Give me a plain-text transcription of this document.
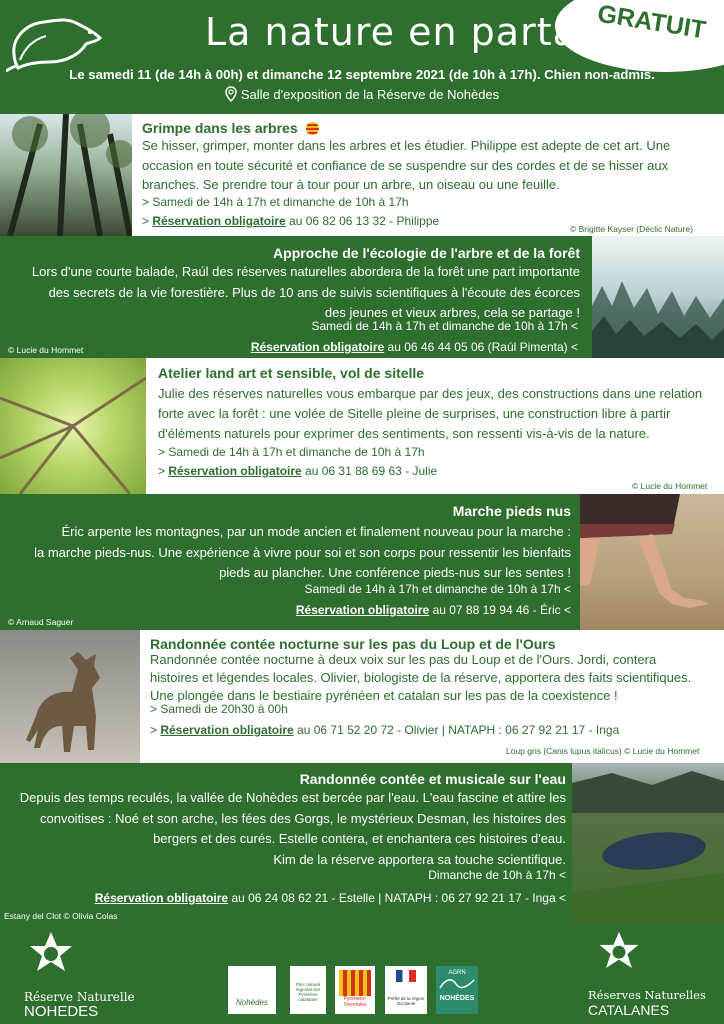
GRATUIT
La nature en partage
Le samedi 11 (de 14h à 00h) et dimanche 12 septembre 2021 (de 10h à 17h). Chien non-admis.
Salle d'exposition de la Réserve de Nohèdes
Grimpe dans les arbres
Se hisser, grimper, monter dans les arbres et les étudier. Philippe est adepte de cet art. Une
occasion en toute sécurité et confiance de se suspendre sur des cordes et de se hisser aux
branches. Se prendre tour à tour pour un arbre, un oiseau ou une feuille.
> Samedi de 14h à 17h et dimanche de 10h à 17h
> Réservation obligatoire au 06 82 06 13 32 - Philippe
© Brigitte Kayser (Déclic Nature)
Approche de l'écologie de l'arbre et de la forêt
Lors d'une courte balade, Raúl des réserves naturelles abordera de la forêt une part importante
des secrets de la vie forestière. Plus de 10 ans de suivis scientifiques à l'écoute des écorces
des jeunes et vieux arbres, cela se partage !
Samedi de 14h à 17h et dimanche de 10h à 17h <
Réservation obligatoire au 06 46 44 05 06 (Raúl Pimenta) <
© Lucie du Hommet
Atelier land art et sensible, vol de sitelle
Julie des réserves naturelles vous embarque par des jeux, des constructions dans une relation
forte avec la forêt : une volée de Sitelle pleine de surprises, une construction libre à partir
d'éléments naturels pour exprimer des sentiments, son ressenti vis-à-vis de la nature.
> Samedi de 14h à 17h et dimanche de 10h à 17h
> Réservation obligatoire au 06 31 88 69 63 - Julie
© Lucie du Hommet
Marche pieds nus
Éric arpente les montagnes, par un mode ancien et finalement nouveau pour la marche :
la marche pieds-nus. Une expérience à vivre pour soi et son corps pour ressentir les bienfaits
pieds au plancher. Une conférence pieds-nus sur les sentes !
Samedi de 14h à 17h et dimanche de 10h à 17h <
Réservation obligatoire au 07 88 19 94 46 - Éric <
© Arnaud Saguer
Randonnée contée nocturne sur les pas du Loup et de l'Ours
Randonnée contée nocturne à deux voix sur les pas du Loup et de l'Ours. Jordi, contera
histoires et légendes locales. Olivier, biologiste de la réserve, apportera des faits scientifiques.
Une plongée dans le bestiaire pyrénéen et catalan sur les pas de la coexistence !
> Samedi de 20h30 à 00h
> Réservation obligatoire au 06 71 52 20 72 - Olivier | NATAPH : 06 27 92 21 17 - Inga
Loup gris (Canis lupus italicus) © Lucie du Hommet
Randonnée contée et musicale sur l'eau
Depuis des temps reculés, la vallée de Nohèdes est bercée par l'eau. L'eau fascine et attire les
convoitises : Noé et son arche, les fées des Gorgs, le mystérieux Desman, les histoires des
bergers et des curés. Estelle contera, et enchantera ces histoires d'eau.
Kim de la réserve apportera sa touche scientifique.
Dimanche de 10h à 17h <
Réservation obligatoire au 06 24 08 62 21 - Estelle | NATAPH : 06 27 92 21 17 - Inga <
Estany del Clot © Olivia Colas
Réserve Naturelle
NOHEDES
Nohèdes
Parc naturel régional des Pyrénées catalanes	Pyrénées-Orientales
Préfet de la région Occitanie
AGRN
NOHÈDES	Réserves Naturelles
CATALANES
